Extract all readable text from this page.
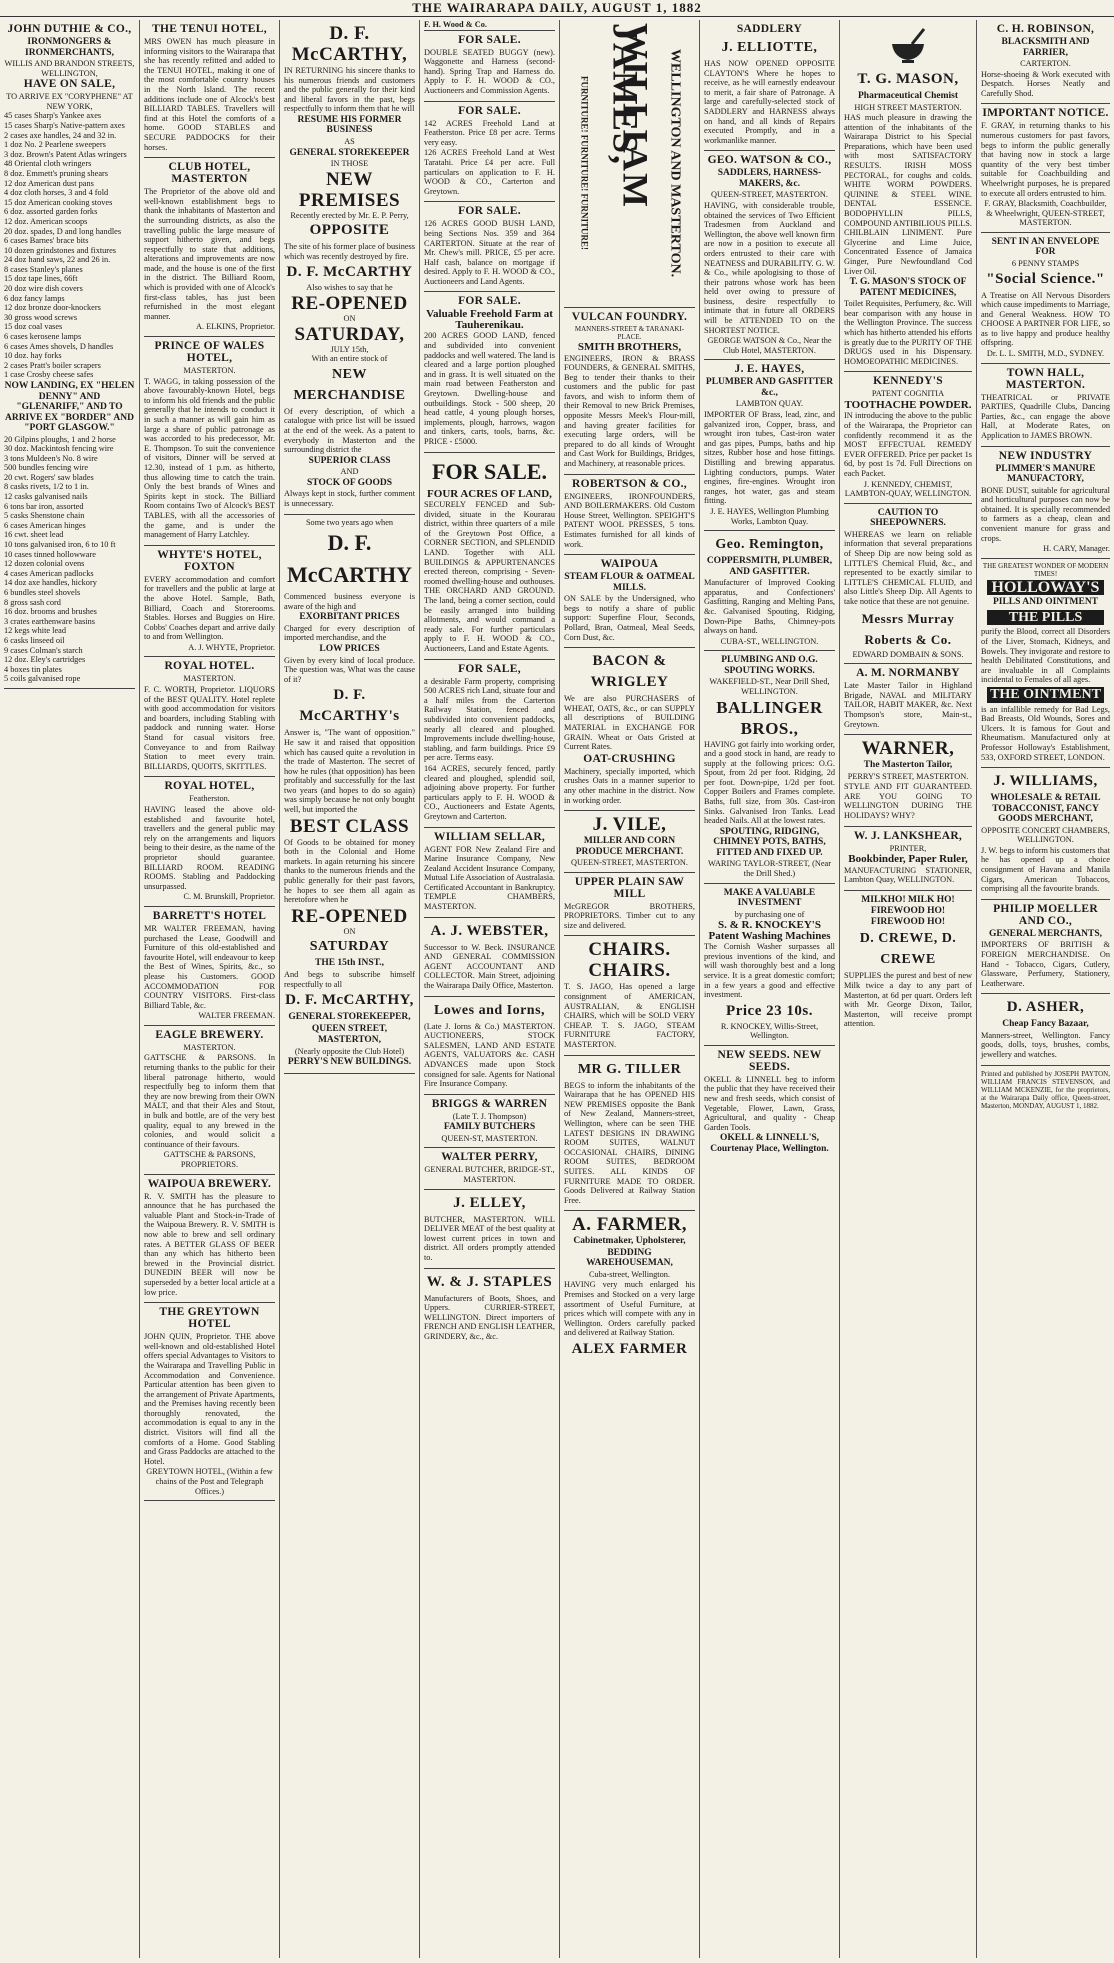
THE WAIRARAPA DAILY, AUGUST 1, 1882
JOHN DUTHIE & CO.,
IRONMONGERS & IRONMERCHANTS,
WILLIS AND BRANDON STREETS,
WELLINGTON,
HAVE ON SALE,
TO ARRIVE EX "CORYPHENE" AT NEW YORK,
45 cases Sharp's Yankee axes
15 cases Sharp's Native-pattern axes
2 cases axe handles, 24 and 32 in.
1 doz No. 2 Pearlene sweepers
3 doz. Brown's Patent Atlas wringers
48 Oriental cloth wringers
8 doz. Emmett's pruning shears
12 doz American dust pans
4 doz cloth horses, 3 and 4 fold
15 doz American cooking stoves
6 doz. assorted garden forks
12 doz. American scoops
20 doz. spades, D and long handles
6 cases Barnes' brace bits
10 dozen grindstones and fixtures
24 doz hand saws, 22 and 26 in.
8 cases Stanley's planes
15 doz tape lines, 66ft
20 doz wire dish covers
6 doz fancy lamps
12 doz bronze door-knockers
30 gross wood screws
15 doz coal vases
6 cases kerosene lamps
6 cases Ames shovels, D handles
10 doz. hay forks
2 cases Pratt's boiler scrapers
1 case Crosby cheese safes
NOW LANDING, EX "HELEN DENNY" AND "GLENARIFF," AND TO ARRIVE EX "BORDER" AND "PORT GLASGOW."
20 Gilpins ploughs, 1 and 2 horse
30 doz. Mackintosh fencing wire
3 tons Muldeen's No. 8 wire
500 bundles fencing wire
20 cwt. Rogers' saw blades
8 casks rivets, 1/2 to 1 in.
12 casks galvanised nails
6 tons bar iron, assorted
5 casks Shenstone chain
6 cases American hinges
16 cwt. sheet lead
10 tons galvanised iron, 6 to 10 ft
10 cases tinned hollowware
12 dozen colonial ovens
4 cases American padlocks
14 doz axe handles, hickory
6 bundles steel shovels
8 gross sash cord
16 doz. brooms and brushes
3 crates earthenware basins
12 kegs white lead
6 casks linseed oil
9 cases Colman's starch
12 doz. Eley's cartridges
4 boxes tin plates
5 coils galvanised rope
THE TENUI HOTEL,

MRS OWEN has much pleasure in informing visitors to the Wairarapa that she has recently refitted and added to the TENUI HOTEL, making it one of the most comfortable country houses in the North Island. The recent additions include one of Alcock's best BILLIARD TABLES. Travellers will find at this Hotel the comforts of a home. GOOD STABLES and SECURE PADDOCKS for their horses.

CLUB HOTEL, MASTERTON

The Proprietor of the above old and well-known establishment begs to thank the inhabitants of Masterton and the surrounding districts, as also the travelling public the large measure of support hitherto given, and begs respectfully to state that additions, alterations and improvements are now made, and the house is one of the first in the district. The Billiard Room, which is provided with one of Alcock's first-class tables, has just been refurnished in the most elegant manner.

A. ELKINS, Proprietor.
PRINCE OF WALES HOTEL,
MASTERTON.

T. WAGG, in taking possession of the above favourably-known Hotel, begs to inform his old friends and the public generally that he intends to conduct it in such a manner as will gain him as large a share of public patronage as was accorded to his predecessor, Mr. E. Thompson. To suit the convenience of visitors, Dinner will be served at 12.30, instead of 1 p.m. as hitherto, thus allowing time to catch the train. Only the best brands of Wines and Spirits kept in stock. The Billiard Room contains Two of Alcock's BEST TABLES, with all the accessories of the game, and is under the management of Harry Latchley.

WHYTE'S HOTEL, FOXTON

EVERY accommodation and comfort for travellers and the public at large at the above Hotel. Sample, Bath, Billiard, Coach and Storerooms. Stables. Horses and Buggies on Hire. Cobbs' Coaches depart and arrive daily to and from Wellington.

A. J. WHYTE, Proprietor.
ROYAL HOTEL.
MASTERTON.

F. C. WORTH, Proprietor. LIQUORS of the BEST QUALITY. Hotel replete with good accommodation for visitors and boarders, including Stabling with paddock and running water. Horse Stand for casual visitors free. Conveyance to and from Railway Station to meet every train. BILLIARDS, QUOITS, SKITTLES.

ROYAL HOTEL,
Featherston.

HAVING leased the above old-established and favourite hotel, travellers and the general public may rely on the arrangements and liquors being to their desire, as the name of the proprietor should guarantee. BILLIARD ROOM. READING ROOMS. Stabling and Paddocking unsurpassed.

C. M. Brunskill, Proprietor.
BARRETT'S HOTEL

MR WALTER FREEMAN, having purchased the Lease, Goodwill and Furniture of this old-established and favourite Hotel, will endeavour to keep the Best of Wines, Spirits, &c., so please his Customers. GOOD ACCOMMODATION FOR COUNTRY VISITORS. First-class Billiard Table, &c.

WALTER FREEMAN.
EAGLE BREWERY.
MASTERTON.

GATTSCHE & PARSONS. In returning thanks to the public for their liberal patronage hitherto, would respectfully beg to inform them that they are now brewing from their OWN MALT, and that their Ales and Stout, in bulk and bottle, are of the very best quality, equal to any brewed in the colonies, and would solicit a continuance of their favours.

GATTSCHE & PARSONS, PROPRIETORS.
WAIPOUA BREWERY.

R. V. SMITH has the pleasure to announce that he has purchased the valuable Plant and Stock-in-Trade of the Waipoua Brewery. R. V. SMITH is now able to brew and sell ordinary rates. A BETTER GLASS OF BEER than any which has hitherto been brewed in the Provincial district. DUNEDIN BEER will now be superseded by a better local article at a low price.

THE GREYTOWN HOTEL

JOHN QUIN, Proprietor. THE above well-known and old-established Hotel offers special Advantages to Visitors to the Wairarapa and Travelling Public in Accommodation and Convenience. Particular attention has been given to the arrangement of Private Apartments, and the Premises having recently been thoroughly renovated, the accommodation is equal to any in the district. Visitors will find all the comforts of a Home. Good Stabling and Grass Paddocks are attached to the Hotel.

GREYTOWN HOTEL, (Within a few chains of the Post and Telegraph Offices.)
D. F. McCARTHY,

IN RETURNING his sincere thanks to his numerous friends and customers and the public generally for their kind and liberal favors in the past, begs respectfully to inform them that he will

RESUME HIS FORMER BUSINESS
AS
GENERAL STOREKEEPER
IN THOSE
NEW PREMISES
Recently erected by Mr. E. P. Perry,
OPPOSITE

The site of his former place of business which was recently destroyed by fire.

D. F. McCARTHY
Also wishes to say that he
RE-OPENED
ON
SATURDAY,
JULY 15th,
With an entire stock of
NEW MERCHANDISE

Of every description, of which a catalogue with price list will be issued at the end of the week. As a patent to everybody in Masterton and the surrounding district the

SUPERIOR CLASS
AND
STOCK OF GOODS

Always kept in stock, further comment is unnecessary.

Some two years ago when
D. F. McCARTHY

Commenced business everyone is aware of the high and

EXORBITANT PRICES

Charged for every description of imported merchandise, and the

LOW PRICES

Given by every kind of local produce. The question was, What was the cause of it?

D. F. McCARTHY's

Answer is, "The want of opposition." He saw it and raised that opposition which has caused quite a revolution in the trade of Masterton. The secret of how he rules (that opposition) has been profitably and successfully for the last two years (and hopes to do so again) was simply because he not only bought well, but imported the

BEST CLASS

Of Goods to be obtained for money both in the Colonial and Home markets. In again returning his sincere thanks to the numerous friends and the public generally for their past favors, he hopes to see them all again as heretofore when he

RE-OPENED
ON
SATURDAY
THE 15th INST.,

And begs to subscribe himself respectfully to all

D. F. McCARTHY,
GENERAL STOREKEEPER,
QUEEN STREET,
MASTERTON,
(Nearly opposite the Club Hotel)
PERRY'S NEW BUILDINGS.
F. H. Wood & Co.
FOR SALE.

DOUBLE SEATED BUGGY (new). Waggonette and Harness (second-hand). Spring Trap and Harness do. Apply to F. H. WOOD & CO., Auctioneers and Commission Agents.

FOR SALE.

142 ACRES Freehold Land at Featherston. Price £8 per acre. Terms very easy.

126 ACRES Freehold Land at West Taratahi. Price £4 per acre. Full particulars on application to F. H. WOOD & CO., Carterton and Greytown.

FOR SALE.

126 ACRES GOOD BUSH LAND, being Sections Nos. 359 and 364 CARTERTON. Situate at the rear of Mr. Chew's mill. PRICE, £5 per acre. Half cash, balance on mortgage if desired. Apply to F. H. WOOD & CO., Auctioneers and Land Agents.

FOR SALE.
Valuable Freehold Farm at Tauherenikau.

200 ACRES GOOD LAND, fenced and subdivided into convenient paddocks and well watered. The land is cleared and a large portion ploughed and in grass. It is well situated on the main road between Featherston and Greytown. Dwelling-house and outbuildings. Stock - 500 sheep, 20 head cattle, 4 young plough horses, implements, plough, harrows, wagon and tinkers, carts, tools, barns, &c. PRICE - £5000.

FOR SALE.
FOUR ACRES OF LAND,

SECURELY FENCED and Sub-divided, situate in the Kourarau district, within three quarters of a mile of the Greytown Post Office, a CORNER SECTION, and SPLENDID LAND. Together with ALL BUILDINGS & APPURTENANCES erected thereon, comprising - Seven-roomed dwelling-house and outhouses. THE ORCHARD AND GROUND. The land, being a corner section, could be easily arranged into building allotments, and would command a ready sale. For further particulars apply to F. H. WOOD & CO., Auctioneers, Land and Estate Agents.

FOR SALE,

a desirable Farm property, comprising 500 ACRES rich Land, situate four and a half miles from the Carterton Railway Station, fenced and subdivided into convenient paddocks, nearly all cleared and ploughed. Improvements include dwelling-house, stabling, and farm buildings. Price £9 per acre. Terms easy.

164 ACRES, securely fenced, partly cleared and ploughed, splendid soil, adjoining above property. For further particulars apply to F. H. WOOD & CO., Auctioneers and Estate Agents, Greytown and Carterton.

WILLIAM SELLAR,

AGENT FOR New Zealand Fire and Marine Insurance Company, New Zealand Accident Insurance Company, Mutual Life Association of Australasia. Certificated Accountant in Bankruptcy. TEMPLE CHAMBERS, MASTERTON.

A. J. WEBSTER,

Successor to W. Beck. INSURANCE AND GENERAL COMMISSION AGENT ACCOUNTANT AND COLLECTOR. Main Street, adjoining the Wairarapa Daily Office, Masterton.

Lowes and Iorns,

(Late J. Iorns & Co.) MASTERTON. AUCTIONEERS, STOCK SALESMEN, LAND AND ESTATE AGENTS, VALUATORS &c. CASH ADVANCES made upon Stock consigned for sale. Agents for National Fire Insurance Company.

BRIGGS & WARREN
(Late T. J. Thompson)
FAMILY BUTCHERS
QUEEN-ST, MASTERTON.
WALTER PERRY,
GENERAL BUTCHER, BRIDGE-ST., MASTERTON.
J. ELLEY,

BUTCHER, MASTERTON. WILL DELIVER MEAT of the best quality at lowest current prices in town and district. All orders promptly attended to.

W. & J. STAPLES

Manufacturers of Boots, Shoes, and Uppers. CURRIER-STREET, WELLINGTON. Direct importers of FRENCH AND ENGLISH LEATHER, GRINDERY, &c., &c.

FURNITURE! FURNITURE! FURNITURE! WILLIAM JAMES, WELLINGTON AND MASTERTON.
VULCAN FOUNDRY.
MANNERS-STREET & TARANAKI-PLACE.
SMITH BROTHERS,

ENGINEERS, IRON & BRASS FOUNDERS, & GENERAL SMITHS, Beg to tender their thanks to their customers and the public for past favors, and wish to inform them of their Removal to new Brick Premises, opposite Messrs Meek's Flour-mill, and having greater facilities for executing large orders, will be prepared to do all kinds of Wrought and Cast Work for Buildings, Bridges, and Machinery, at reasonable prices.

ROBERTSON & CO.,

ENGINEERS, IRONFOUNDERS, AND BOILERMAKERS. Old Custom House Street, Wellington. SPEIGHT'S PATENT WOOL PRESSES, 5 tons. Estimates furnished for all kinds of work.

WAIPOUA
STEAM FLOUR & OATMEAL MILLS.

ON SALE by the Undersigned, who begs to notify a share of public support: Superfine Flour, Seconds, Pollard, Bran, Oatmeal, Meal Seeds, Corn Dust, &c.

BACON & WRIGLEY

We are also PURCHASERS of WHEAT, OATS, &c., or can SUPPLY all descriptions of BUILDING MATERIAL in EXCHANGE FOR GRAIN. Wheat or Oats Gristed at Current Rates.

OAT-CRUSHING

Machinery, specially imported, which crushes Oats in a manner superior to any other machine in the district. Now in working order.

J. VILE,
MILLER AND CORN PRODUCE MERCHANT.
QUEEN-STREET, MASTERTON.
UPPER PLAIN SAW MILL

McGREGOR BROTHERS, PROPRIETORS. Timber cut to any size and delivered.

CHAIRS. CHAIRS.

T. S. JAGO, Has opened a large consignment of AMERICAN, AUSTRALIAN, & ENGLISH CHAIRS, which will be SOLD VERY CHEAP. T. S. JAGO, STEAM FURNITURE FACTORY, MASTERTON.

MR G. TILLER

BEGS to inform the inhabitants of the Wairarapa that he has OPENED HIS NEW PREMISES opposite the Bank of New Zealand, Manners-street, Wellington, where can be seen THE LATEST DESIGNS IN DRAWING ROOM SUITES, WALNUT OCCASIONAL CHAIRS, DINING ROOM SUITES, BEDROOM SUITES. ALL KINDS OF FURNITURE MADE TO ORDER. Goods Delivered at Railway Station Free.

A. FARMER,
Cabinetmaker, Upholsterer,
BEDDING WAREHOUSEMAN,
Cuba-street, Wellington.

HAVING very much enlarged his Premises and Stocked on a very large assortment of Useful Furniture, at prices which will compete with any in Wellington. Orders carefully packed and delivered at Railway Station.

ALEX FARMER
SADDLERY
J. ELLIOTTE,

HAS NOW OPENED OPPOSITE CLAYTON'S Where he hopes to receive, as he will earnestly endeavour to merit, a fair share of Patronage. A large and carefully-selected stock of SADDLERY and HARNESS always on hand, and all kinds of Repairs executed Promptly, and in a workmanlike manner.

GEO. WATSON & CO.,
SADDLERS, HARNESS-MAKERS, &c.
QUEEN-STREET, MASTERTON.

HAVING, with considerable trouble, obtained the services of Two Efficient Tradesmen from Auckland and Wellington, the above well known firm are now in a position to execute all orders entrusted to their care with NEATNESS and DURABILITY. G. W. & Co., while apologising to those of their patrons whose work has been held over owing to pressure of business, desire respectfully to intimate that in future all ORDERS will be ATTENDED TO on the SHORTEST NOTICE.

GEORGE WATSON & Co., Near the Club Hotel, MASTERTON.
J. E. HAYES,
PLUMBER AND GASFITTER &c.,
LAMBTON QUAY.

IMPORTER OF Brass, lead, zinc, and galvanized iron, Copper, brass, and wrought iron tubes, Cast-iron water and gas pipes, Pumps, baths and hip sitzes, Rubber hose and hose fittings. Distilling and brewing apparatus. Lighting conductors, pumps. Water engines, fire-engines. Wrought iron ranges, hot water, gas and steam fitting.

J. E. HAYES, Wellington Plumbing Works, Lambton Quay.
Geo. Remington,
COPPERSMITH, PLUMBER, AND GASFITTER.

Manufacturer of Improved Cooking apparatus, and Confectioners' Gasfitting, Ranging and Melting Pans, &c. Galvanised Spouting, Ridging, Down-Pipe Baths, Chimney-pots always on hand.

CUBA-ST., WELLINGTON.
PLUMBING AND O.G. SPOUTING WORKS.
WAKEFIELD-ST., Near Drill Shed, WELLINGTON.
BALLINGER BROS.,

HAVING got fairly into working order, and a good stock in hand, are ready to supply at the following prices: O.G. Spout, from 2d per foot. Ridging, 2d per foot. Down-pipe, 1/2d per foot. Copper Boilers and Frames complete. Baths, full size, from 30s. Cast-iron Sinks. Galvanised Iron Tanks. Lead headed Nails. All at the lowest rates.

SPOUTING, RIDGING, CHIMNEY POTS, BATHS, FITTED AND FIXED UP.
WARING TAYLOR-STREET, (Near the Drill Shed.)
MAKE A VALUABLE INVESTMENT
by purchasing one of
S. & R. KNOCKEY'S Patent Washing Machines

The Cornish Washer surpasses all previous inventions of the kind, and will wash thoroughly best and a long service. It is a great domestic comfort; in a few years a good and effective investment.

Price 23 10s.
R. KNOCKEY, Willis-Street, Wellington.
NEW SEEDS. NEW SEEDS.

OKELL & LINNELL beg to inform the public that they have received their new and fresh seeds, which consist of Vegetable, Flower, Lawn, Grass, Agricultural, and quality - Cheap Garden Tools.

OKELL & LINNELL'S, Courtenay Place, Wellington.
T. G. MASON,
Pharmaceutical Chemist
HIGH STREET MASTERTON.

HAS much pleasure in drawing the attention of the inhabitants of the Wairarapa District to his Special Preparations, which have been used with most SATISFACTORY RESULTS. IRISH MOSS PECTORAL, for coughs and colds. WHITE WORM POWDERS. QUININE & STEEL WINE. DENTAL ESSENCE. BODOPHYLLIN PILLS, COMPOUND ANTIBILIOUS PILLS. CHILBLAIN LINIMENT. Pure Glycerine and Lime Juice, Concentrated Essence of Jamaica Ginger, Pure Newfoundland Cod Liver Oil.

T. G. MASON'S STOCK OF PATENT MEDICINES,

Toilet Requisites, Perfumery, &c. Will bear comparison with any house in the Wellington Province. The success which has hitherto attended his efforts is greatly due to the PURITY OF THE DRUGS used in his Dispensary. HOMOEOPATHIC MEDICINES.

KENNEDY'S
PATENT COGNITIA
TOOTHACHE POWDER.

IN introducing the above to the public of the Wairarapa, the Proprietor can confidently recommend it as the MOST EFFECTUAL REMEDY EVER OFFERED. Price per packet 1s 6d, by post 1s 7d. Full Directions on each Packet.

J. KENNEDY, CHEMIST, LAMBTON-QUAY, WELLINGTON.
CAUTION TO SHEEPOWNERS.

WHEREAS we learn on reliable information that several preparations of Sheep Dip are now being sold as LITTLE'S Chemical Fluid, &c., and represented to be exactly similar to LITTLE'S CHEMICAL FLUID, and also Little's Sheep Dip. All Agents to take notice that these are not genuine.

Messrs Murray Roberts & Co.
EDWARD DOMBAIN & SONS.
A. M. NORMANBY

Late Master Tailor in Highland Brigade, NAVAL and MILITARY TAILOR, HABIT MAKER, &c. Next Thompson's store, Main-st., Greytown.

WARNER,
The Masterton Tailor,
PERRY'S STREET, MASTERTON.

STYLE AND FIT GUARANTEED. ARE YOU GOING TO WELLINGTON DURING THE HOLIDAYS? WHY?

W. J. LANKSHEAR,
PRINTER,
Bookbinder, Paper Ruler,

MANUFACTURING STATIONER, Lambton Quay, WELLINGTON.

MILKHO! MILK HO!
FIREWOOD HO! FIREWOOD HO!
D. CREWE, D. CREWE

SUPPLIES the purest and best of new Milk twice a day to any part of Masterton, at 6d per quart. Orders left with Mr. George Dixon, Tailor, Masterton, will receive prompt attention.

C. H. ROBINSON,
BLACKSMITH AND FARRIER,
CARTERTON.

Horse-shoeing & Work executed with Despatch. Horses Neatly and Carefully Shod.

IMPORTANT NOTICE.

F. GRAY, in returning thanks to his numerous customers for past favors, begs to inform the public generally that having now in stock a large quantity of the very best timber suitable for Coachbuilding and Wheelwright purposes, he is prepared to execute all orders entrusted to him.

F. GRAY, Blacksmith, Coachbuilder, & Wheelwright, QUEEN-STREET, MASTERTON.
SENT IN AN ENVELOPE FOR
6 PENNY STAMPS
"Social Science."

A Treatise on All Nervous Disorders which cause impediments to Marriage, and General Weakness. HOW TO CHOOSE A PARTNER FOR LIFE, so as to live happy and produce healthy offspring.

Dr. L. L. SMITH, M.D., SYDNEY.
TOWN HALL, MASTERTON.

THEATRICAL or PRIVATE PARTIES, Quadrille Clubs, Dancing Parties, &c., can engage the above Hall, at Moderate Rates, on Application to JAMES BROWN.

NEW INDUSTRY
PLIMMER'S MANURE MANUFACTORY,

BONE DUST, suitable for agricultural and horticultural purposes can now be obtained. It is specially recommended to farmers as a cheap, clean and convenient manure for grass and crops.

H. CARY, Manager.
THE GREATEST WONDER OF MODERN TIMES!
HOLLOWAY'S
PILLS AND OINTMENT
THE PILLS

purify the Blood, correct all Disorders of the Liver, Stomach, Kidneys, and Bowels. They invigorate and restore to health Debilitated Constitutions, and are invaluable in all Complaints incidental to Females of all ages.

THE OINTMENT

is an infallible remedy for Bad Legs, Bad Breasts, Old Wounds, Sores and Ulcers. It is famous for Gout and Rheumatism. Manufactured only at Professor Holloway's Establishment, 533, OXFORD STREET, LONDON.

J. WILLIAMS,
WHOLESALE & RETAIL TOBACCONIST, FANCY GOODS MERCHANT,
OPPOSITE CONCERT CHAMBERS, WELLINGTON.

J. W. begs to inform his customers that he has opened up a choice consignment of Havana and Manila Cigars, American Tobaccos, comprising all the favourite brands.

PHILIP MOELLER AND CO.,
GENERAL MERCHANTS,

IMPORTERS OF BRITISH & FOREIGN MERCHANDISE. On Hand - Tobacco, Cigars, Cutlery, Glassware, Perfumery, Stationery, Leatherware.

D. ASHER,
Cheap Fancy Bazaar,

Manners-street, Wellington. Fancy goods, dolls, toys, brushes, combs, jewellery and watches.

Printed and published by JOSEPH PAYTON, WILLIAM FRANCIS STEVENSON, and WILLIAM MCKENZIE, for the proprietors, at the Wairarapa Daily office, Queen-street, Masterton, MONDAY, AUGUST 1, 1882.
